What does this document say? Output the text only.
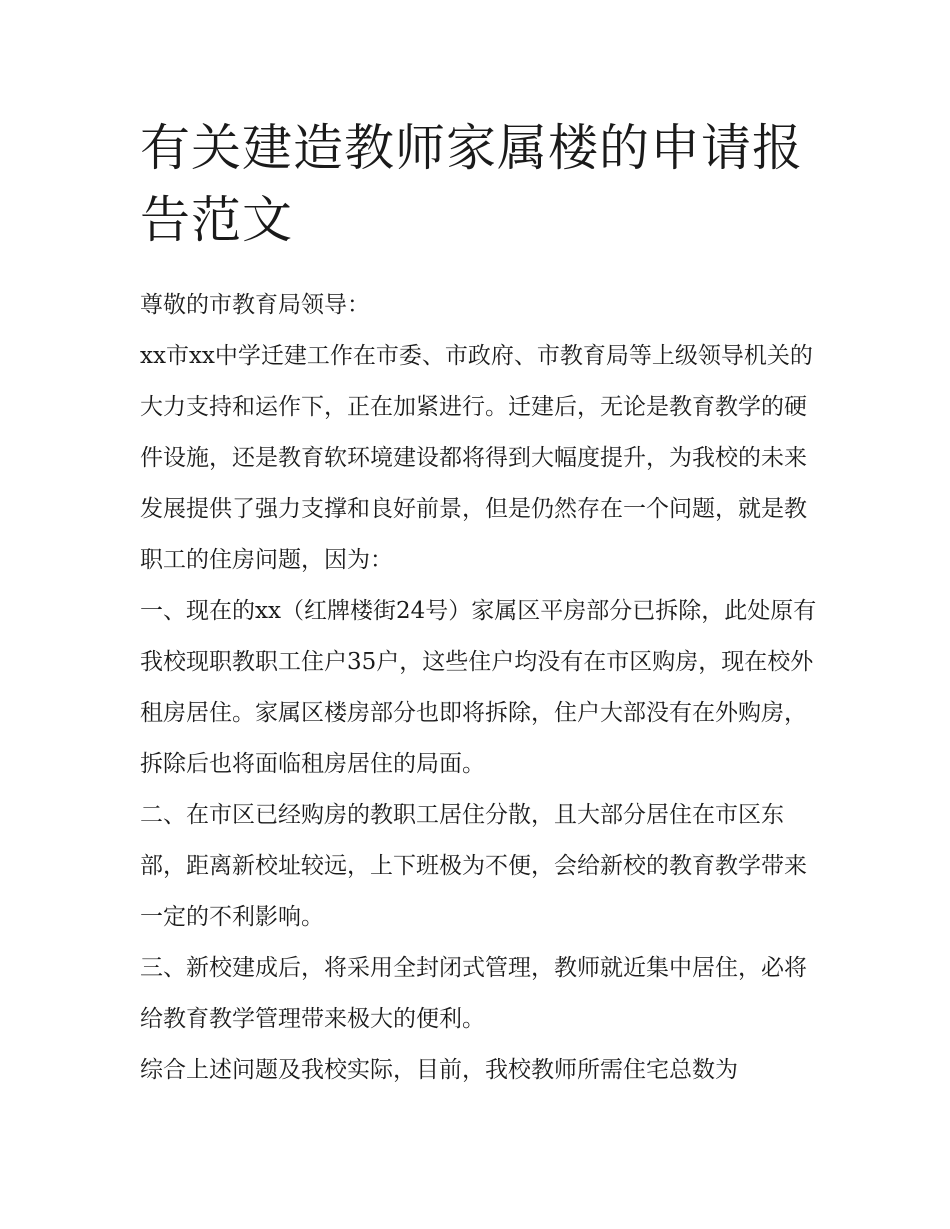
有关建造教师家属楼的申请报告范文

尊敬的市教育局领导：

xx市xx中学迁建工作在市委、市政府、市教育局等上级领导机关的大力支持和运作下，正在加紧进行。迁建后，无论是教育教学的硬件设施，还是教育软环境建设都将得到大幅度提升，为我校的未来发展提供了强力支撑和良好前景，但是仍然存在一个问题，就是教职工的住房问题，因为：

一、现在的xx（红牌楼街24号）家属区平房部分已拆除，此处原有我校现职教职工住户35户，这些住户均没有在市区购房，现在校外租房居住。家属区楼房部分也即将拆除，住户大部没有在外购房，拆除后也将面临租房居住的局面。

二、在市区已经购房的教职工居住分散，且大部分居住在市区东部，距离新校址较远，上下班极为不便，会给新校的教育教学带来一定的不利影响。

三、新校建成后，将采用全封闭式管理，教师就近集中居住，必将给教育教学管理带来极大的便利。

综合上述问题及我校实际，目前，我校教师所需住宅总数为
